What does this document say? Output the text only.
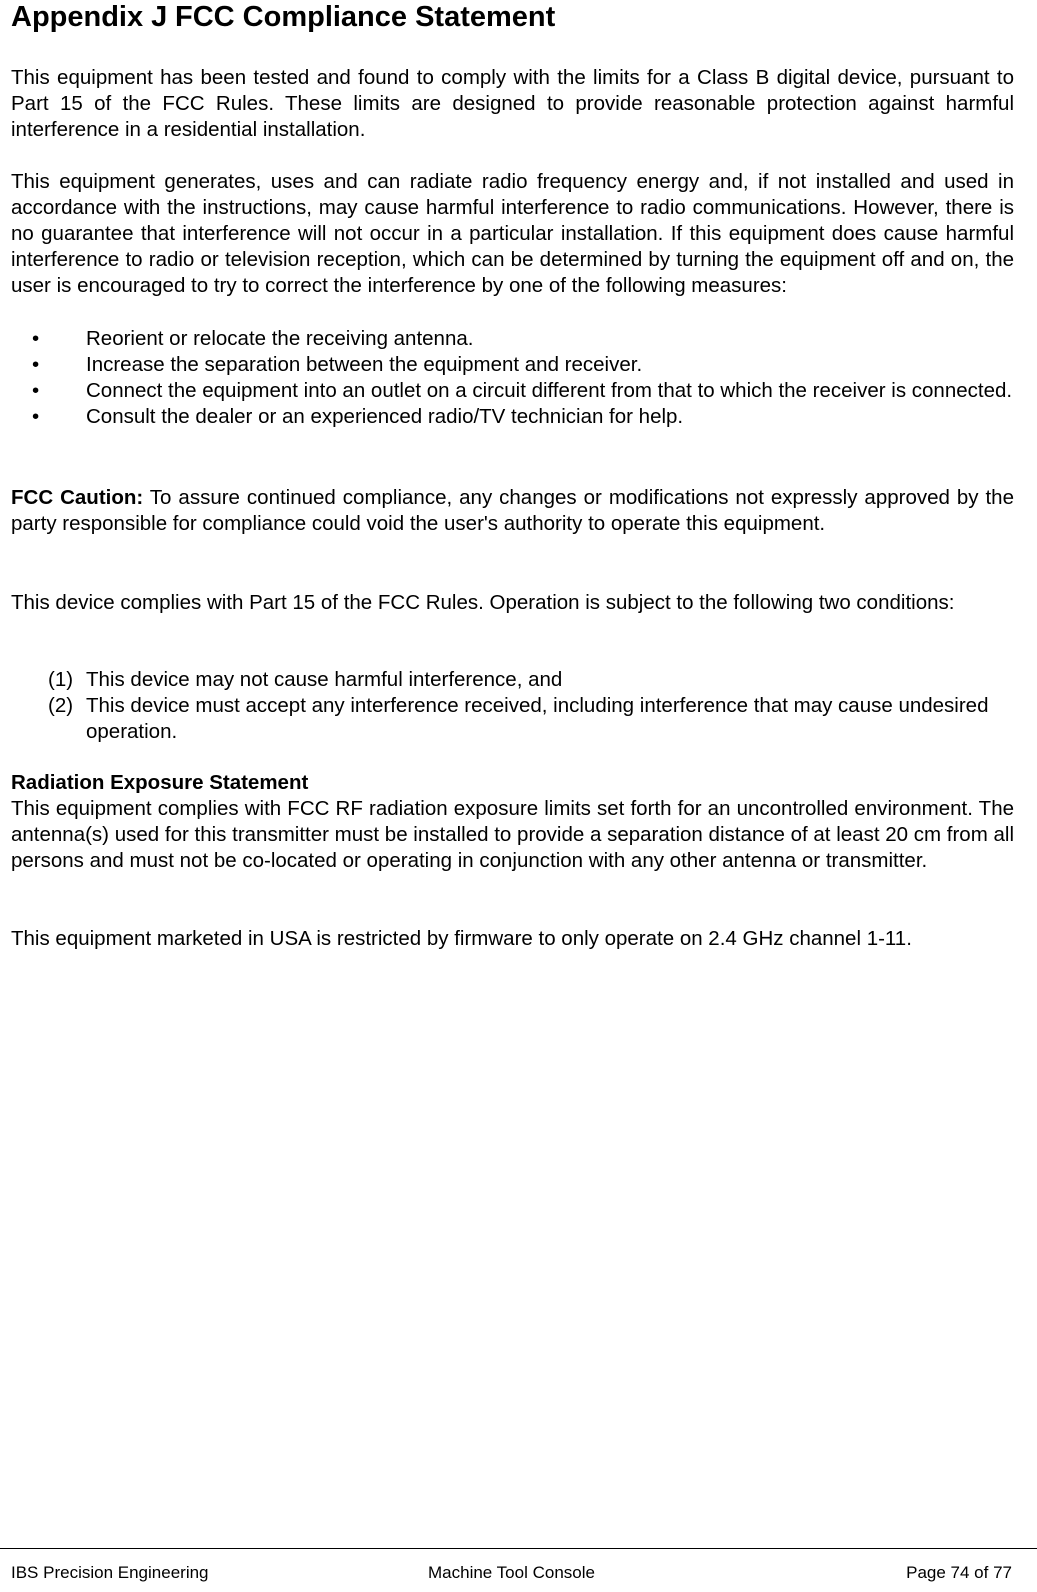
Appendix J FCC Compliance Statement
This equipment has been tested and found to comply with the limits for a Class B digital device, pursuant to Part 15 of the FCC Rules. These limits are designed to provide reasonable protection against harmful interference in a residential installation.
This equipment generates, uses and can radiate radio frequency energy and, if not installed and used in accordance with the instructions, may cause harmful interference to radio communications. However, there is no guarantee that interference will not occur in a particular installation. If this equipment does cause harmful interference to radio or television reception, which can be determined by turning the equipment off and on, the user is encouraged to try to correct the interference by one of the following measures:
• Reorient or relocate the receiving antenna.
• Increase the separation between the equipment and receiver.
• Connect the equipment into an outlet on a circuit different from that to which the receiver is connected.
• Consult the dealer or an experienced radio/TV technician for help.
FCC Caution: To assure continued compliance, any changes or modifications not expressly approved by the party responsible for compliance could void the user's authority to operate this equipment.
This device complies with Part 15 of the FCC Rules. Operation is subject to the following two conditions:
(1) This device may not cause harmful interference, and
(2) This device must accept any interference received, including interference that may cause undesired operation.
Radiation Exposure Statement
This equipment complies with FCC RF radiation exposure limits set forth for an uncontrolled environment. The antenna(s) used for this transmitter must be installed to provide a separation distance of at least 20 cm from all persons and must not be co-located or operating in conjunction with any other antenna or transmitter.
This equipment marketed in USA is restricted by firmware to only operate on 2.4 GHz channel 1-11.
IBS Precision Engineering	Machine Tool Console	Page 74 of 77
